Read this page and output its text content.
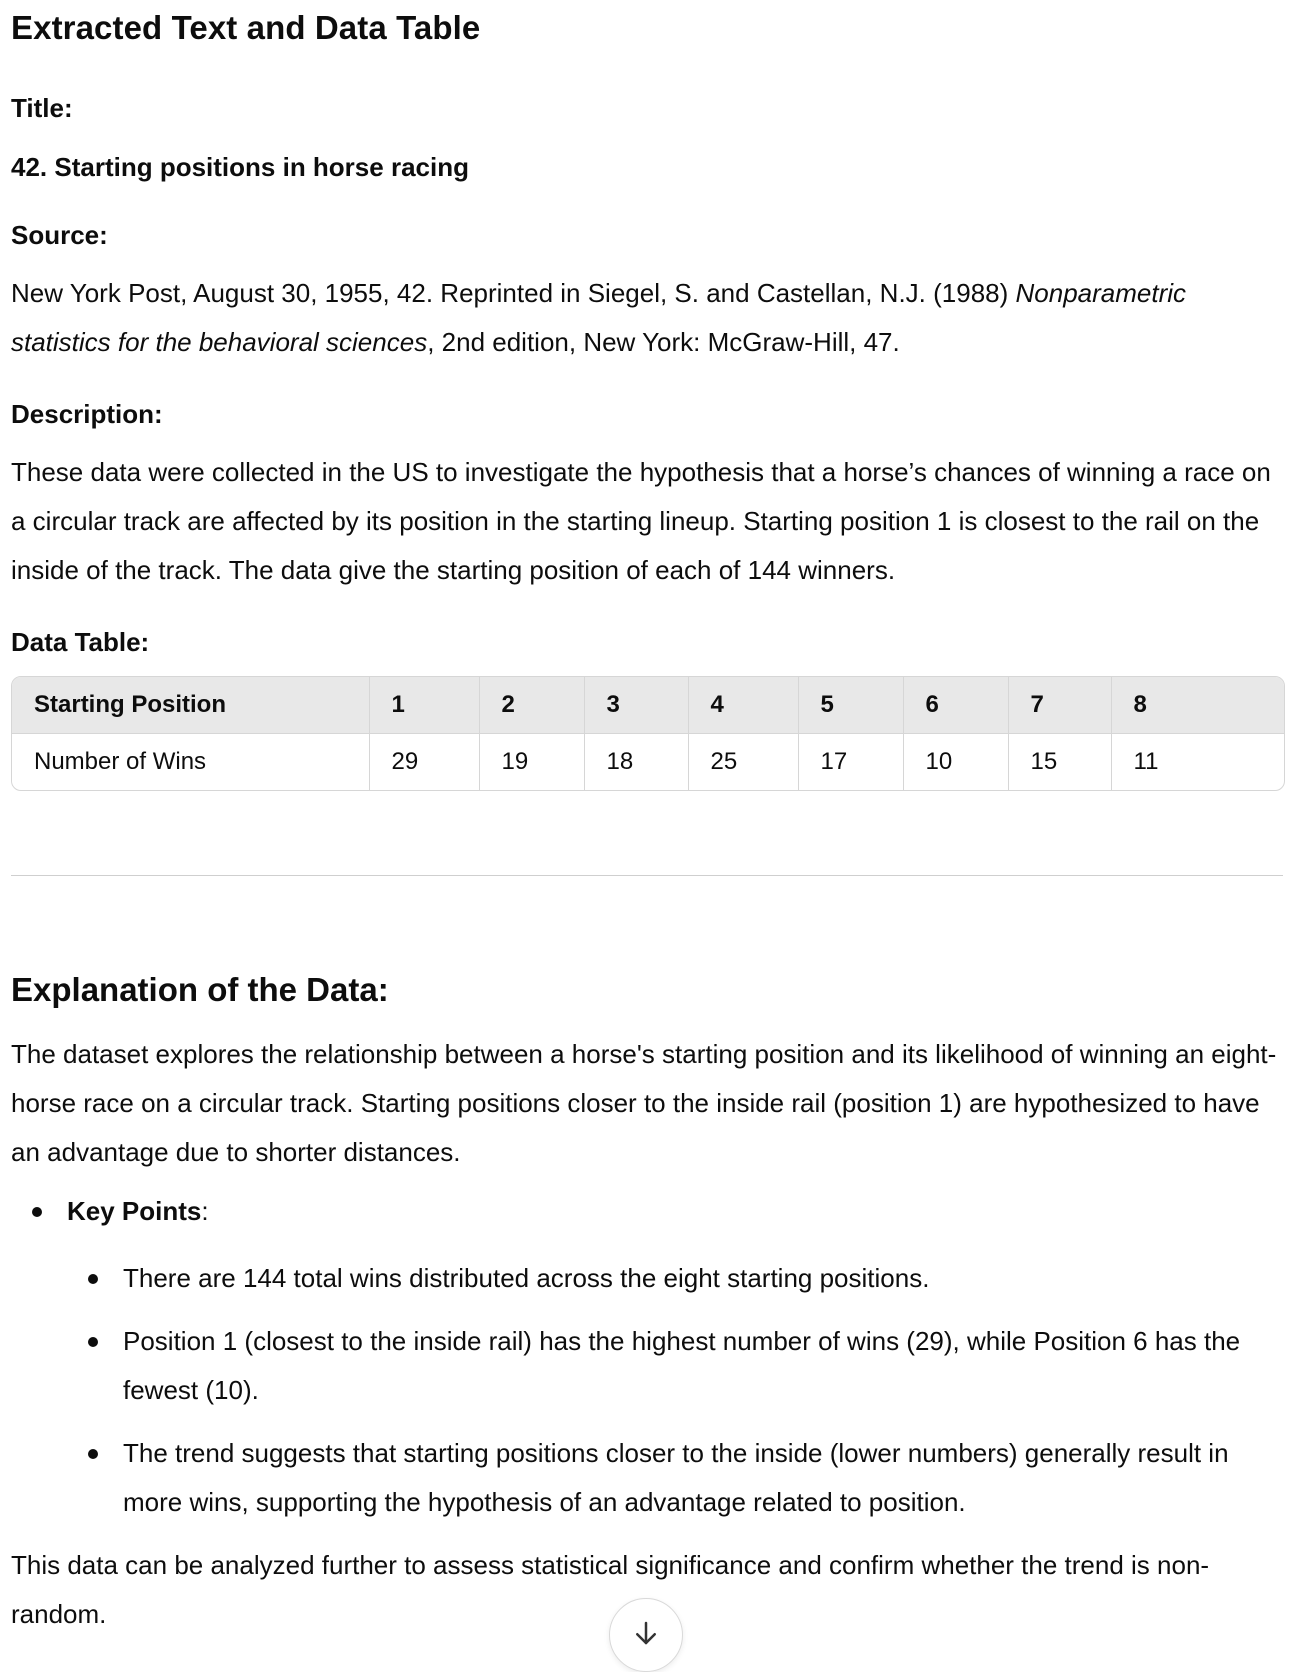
Extracted Text and Data Table

Title:

42. Starting positions in horse racing

Source:

New York Post, August 30, 1955, 42. Reprinted in Siegel, S. and Castellan, N.J. (1988) Nonparametric statistics for the behavioral sciences, 2nd edition, New York: McGraw-Hill, 47.

Description:

These data were collected in the US to investigate the hypothesis that a horse’s chances of winning a race on a circular track are affected by its position in the starting lineup. Starting position 1 is closest to the rail on the inside of the track. The data give the starting position of each of 144 winners.

Data Table:

Starting Position	1	2	3	4	5	6	7	8
Number of Wins	29	19	18	25	17	10	15	11
Explanation of the Data:

The dataset explores the relationship between a horse's starting position and its likelihood of winning an eight-horse race on a circular track. Starting positions closer to the inside rail (position 1) are hypothesized to have an advantage due to shorter distances.

Key Points:
There are 144 total wins distributed across the eight starting positions.
Position 1 (closest to the inside rail) has the highest number of wins (29), while Position 6 has the fewest (10).
The trend suggests that starting positions closer to the inside (lower numbers) generally result in more wins, supporting the hypothesis of an advantage related to position.

This data can be analyzed further to assess statistical significance and confirm whether the trend is non-random.
